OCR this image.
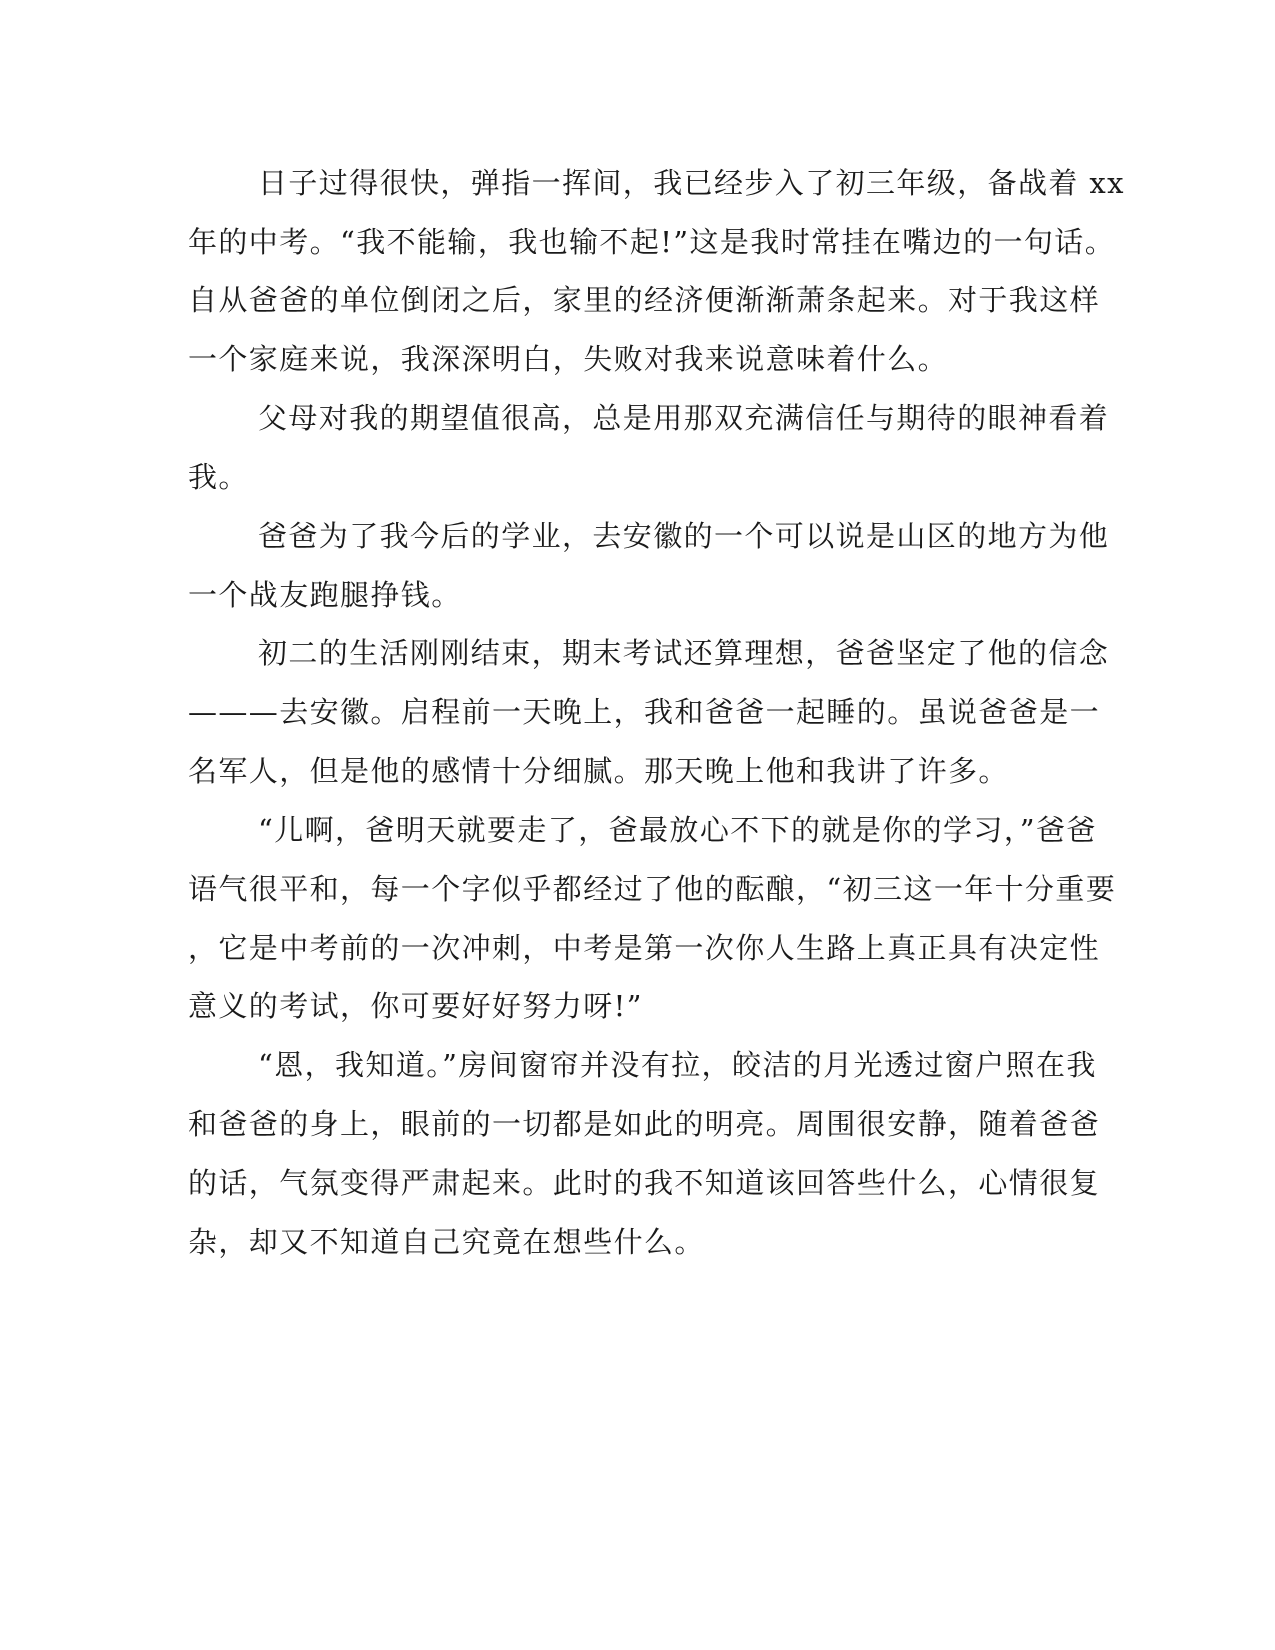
日子过得很快，弹指一挥间，我已经步入了初三年级，备战着 xx
年的中考。“我不能输，我也输不起!”这是我时常挂在嘴边的一句话。
自从爸爸的单位倒闭之后，家里的经济便渐渐萧条起来。对于我这样
一个家庭来说，我深深明白，失败对我来说意味着什么。
父母对我的期望值很高，总是用那双充满信任与期待的眼神看着
我。
爸爸为了我今后的学业，去安徽的一个可以说是山区的地方为他
一个战友跑腿挣钱。
初二的生活刚刚结束，期末考试还算理想，爸爸坚定了他的信念
———去安徽。启程前一天晚上，我和爸爸一起睡的。虽说爸爸是一
名军人，但是他的感情十分细腻。那天晚上他和我讲了许多。
“儿啊，爸明天就要走了，爸最放心不下的就是你的学习，”爸爸
语气很平和，每一个字似乎都经过了他的酝酿，“初三这一年十分重要
，它是中考前的一次冲刺，中考是第一次你人生路上真正具有决定性
意义的考试，你可要好好努力呀!”
“恩，我知道。”房间窗帘并没有拉，皎洁的月光透过窗户照在我
和爸爸的身上，眼前的一切都是如此的明亮。周围很安静，随着爸爸
的话，气氛变得严肃起来。此时的我不知道该回答些什么，心情很复
杂，却又不知道自己究竟在想些什么。
